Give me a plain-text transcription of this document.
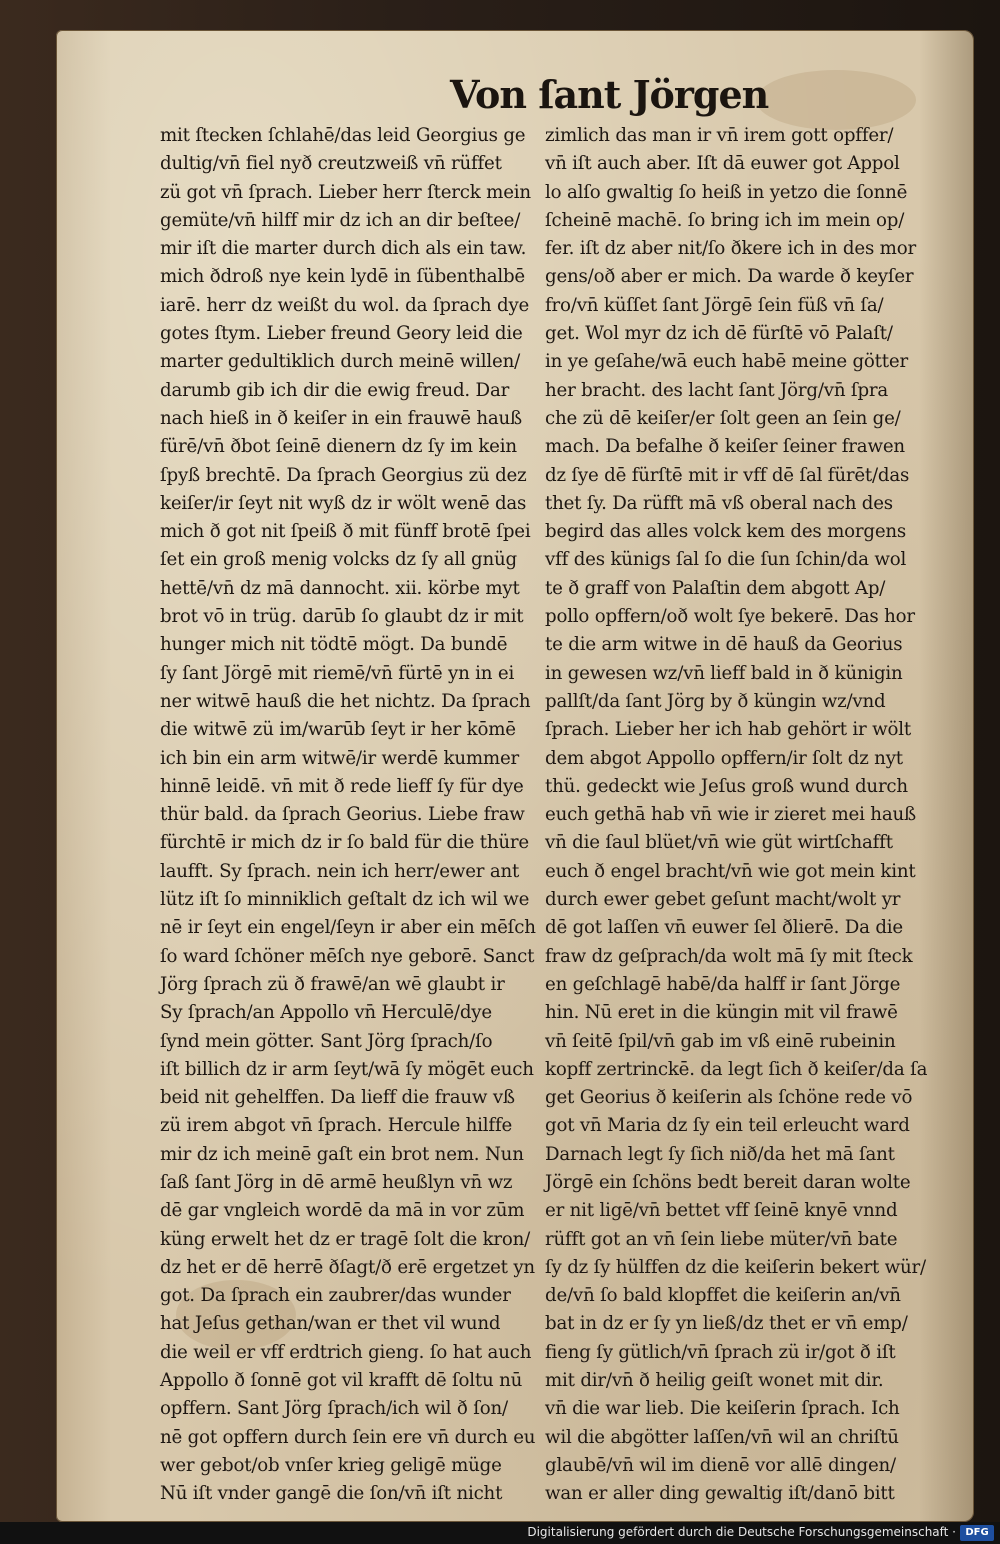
Von ſant Jörgen
mit ſtecken ſchlahē/das leid Georgius ge
dultig/vn̄ fiel nyð creutzweiß vn̄ rüffet
zü got vn̄ ſprach. Lieber herr ſterck mein
gemüte/vn̄ hilff mir dz ich an dir beſtee/
mir iſt die marter durch dich als ein taw.
mich ðdroß nye kein lydē in ſübenthalbē
iarē. herr dz weißt du wol. da ſprach dye
gotes ſtym. Lieber freund Geory leid die
marter gedultiklich durch meinē willen/
darumb gib ich dir die ewig freud. Dar
nach hieß in ð keiſer in ein frauwē hauß
fürē/vn̄ ðbot ſeinē dienern dz ſy im kein
ſpyß brechtē. Da ſprach Georgius zü dez
keiſer/ir ſeyt nit wyß dz ir wölt wenē das
mich ð got nit ſpeiß ð mit fünff brotē ſpei
ſet ein groß menig volcks dz ſy all gnüg
hettē/vn̄ dz mā dannocht. xii. körbe myt
brot vō in trüg. darūb ſo glaubt dz ir mit
hunger mich nit tödtē mögt. Da bundē
ſy ſant Jörgē mit riemē/vn̄ fürtē yn in ei
ner witwē hauß die het nichtz. Da ſprach
die witwē zü im/warūb ſeyt ir her kōmē
ich bin ein arm witwē/ir werdē kummer
hinnē leidē. vn̄ mit ð rede lieff ſy für dye
thür bald. da ſprach Georius. Liebe fraw
fürchtē ir mich dz ir ſo bald für die thüre
laufft. Sy ſprach. nein ich herr/ewer ant
lütz iſt ſo minniklich geſtalt dz ich wil we
nē ir ſeyt ein engel/ſeyn ir aber ein mēſch
ſo ward ſchöner mēſch nye geborē. Sanct
Jörg ſprach zü ð frawē/an wē glaubt ir
Sy ſprach/an Appollo vn̄ Herculē/dye
ſynd mein götter. Sant Jörg ſprach/ſo
iſt billich dz ir arm ſeyt/wā ſy mögēt euch
beid nit gehelffen. Da lieff die frauw vß
zü irem abgot vn̄ ſprach. Hercule hilffe
mir dz ich meinē gaſt ein brot nem. Nun
ſaß ſant Jörg in dē armē heußlyn vn̄ wz
dē gar vngleich wordē da mā in vor zūm
küng erwelt het dz er tragē ſolt die kron/
dz het er dē herrē ðſagt/ð erē ergetzet yn
got. Da ſprach ein zaubrer/das wunder
hat Jeſus gethan/wan er thet vil wund
die weil er vff erdtrich gieng. ſo hat auch
Appollo ð ſonnē got vil krafft dē ſoltu nū
opffern. Sant Jörg ſprach/ich wil ð ſon/
nē got opffern durch ſein ere vn̄ durch eu
wer gebot/ob vnſer krieg geligē müge
Nū iſt vnder gangē die ſon/vn̄ iſt nicht
zimlich das man ir vn̄ irem gott opffer/
vn̄ iſt auch aber. Iſt dā euwer got Appol
lo alſo gwaltig ſo heiß in yetzo die ſonnē
ſcheinē machē. ſo bring ich im mein op/
fer. iſt dz aber nit/ſo ðkere ich in des mor
gens/oð aber er mich. Da warde ð keyſer
fro/vn̄ küſſet ſant Jörgē ſein füß vn̄ ſa/
get. Wol myr dz ich dē fürſtē vō Palaſt/
in ye geſahe/wā euch habē meine götter
her bracht. des lacht ſant Jörg/vn̄ ſpra
che zü dē keiſer/er ſolt geen an ſein ge/
mach. Da befalhe ð keiſer ſeiner frawen
dz ſye dē fürſtē mit ir vff dē ſal fürēt/das
thet ſy. Da rüfft mā vß oberal nach des
begird das alles volck kem des morgens
vff des künigs ſal ſo die ſun ſchin/da wol
te ð graff von Palaſtin dem abgott Ap/
pollo opffern/oð wolt ſye bekerē. Das hor
te die arm witwe in dē hauß da Georius
in gewesen wz/vn̄ lieff bald in ð künigin
pallſt/da ſant Jörg by ð küngin wz/vnd
ſprach. Lieber her ich hab gehört ir wölt
dem abgot Appollo opffern/ir ſolt dz nyt
thü. gedeckt wie Jeſus groß wund durch
euch gethā hab vn̄ wie ir zieret mei hauß
vn̄ die ſaul blüet/vn̄ wie güt wirtſchafft
euch ð engel bracht/vn̄ wie got mein kint
durch ewer gebet geſunt macht/wolt yr
dē got laſſen vn̄ euwer ſel ðlierē. Da die
fraw dz geſprach/da wolt mā ſy mit ſteck
en geſchlagē habē/da halff ir ſant Jörge
hin. Nū eret in die küngin mit vil frawē
vn̄ ſeitē ſpil/vn̄ gab im vß einē rubeinin
kopff zertrinckē. da legt ſich ð keiſer/da ſa
get Georius ð keiſerin als ſchöne rede vō
got vn̄ Maria dz ſy ein teil erleucht ward
Darnach legt ſy ſich nið/da het mā ſant
Jörgē ein ſchöns bedt bereit daran wolte
er nit ligē/vn̄ bettet vff ſeinē knyē vnnd
rüfft got an vn̄ ſein liebe müter/vn̄ bate
ſy dz ſy hülffen dz die keiſerin bekert wür/
de/vn̄ ſo bald klopffet die keiſerin an/vn̄
bat in dz er ſy yn ließ/dz thet er vn̄ emp/
fieng ſy gütlich/vn̄ ſprach zü ir/got ð iſt
mit dir/vn̄ ð heilig geiſt wonet mit dir.
vn̄ die war lieb. Die keiſerin ſprach. Ich
wil die abgötter laſſen/vn̄ wil an chriſtū
glaubē/vn̄ wil im dienē vor allē dingen/
wan er aller ding gewaltig iſt/danō bitt
Digitalisierung gefördert durch die Deutsche Forschungsgemeinschaft · DFG
